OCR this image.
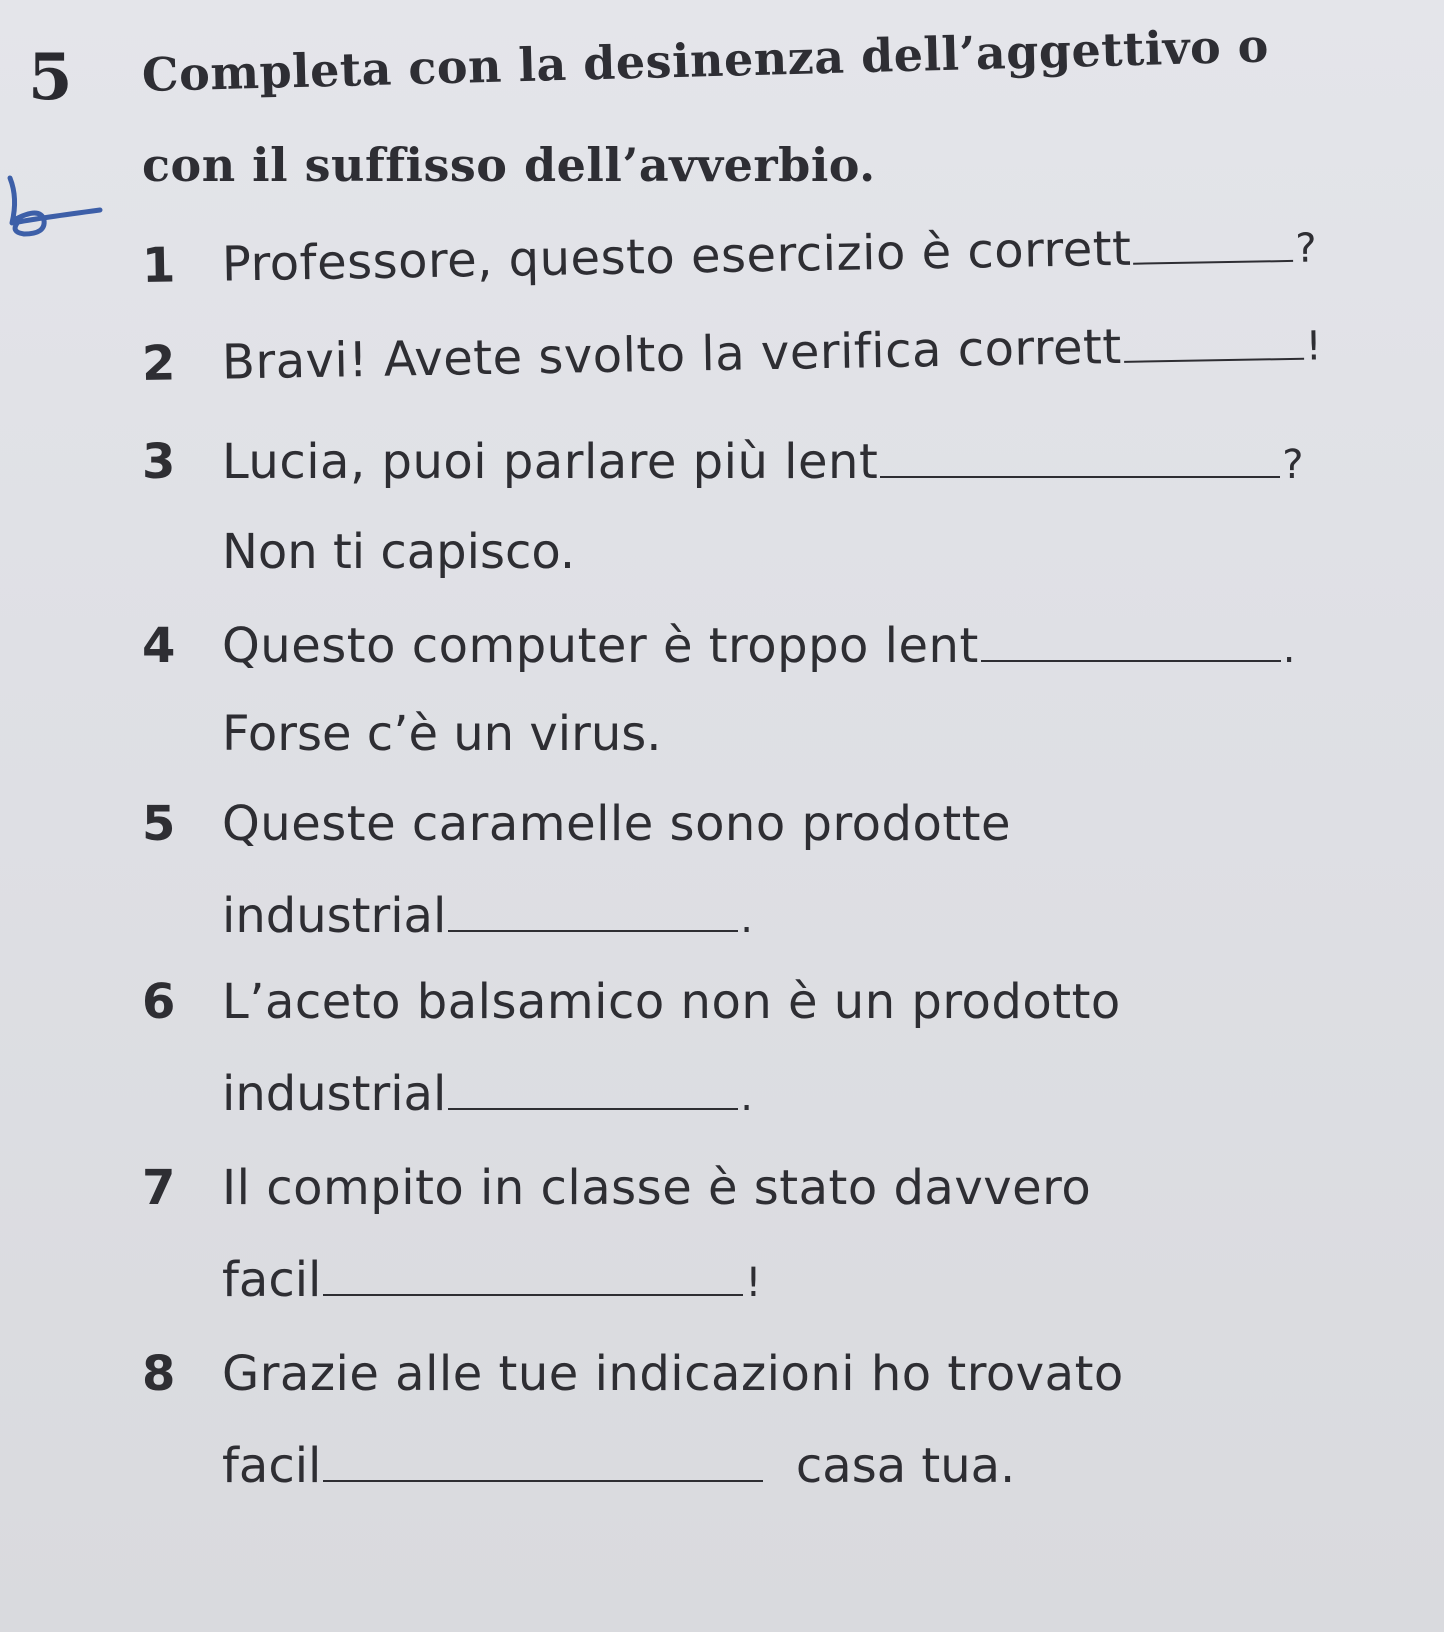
5 Completa con la desinenza dell’aggettivo o
con il suffisso dell’avverbio.
1 Professore, questo esercizio è corrett	?
2 Bravi! Avete svolto la verifica corrett	!
3 Lucia, puoi parlare più lent	?
Non ti capisco.
4 Questo computer è troppo lent	.
Forse c’è un virus.
5 Queste caramelle sono prodotte
industrial	.
6 L’aceto balsamico non è un prodotto
industrial	.
7 Il compito in classe è stato davvero
facil	!
8 Grazie alle tue indicazioni ho trovato
facil	casa tua.
